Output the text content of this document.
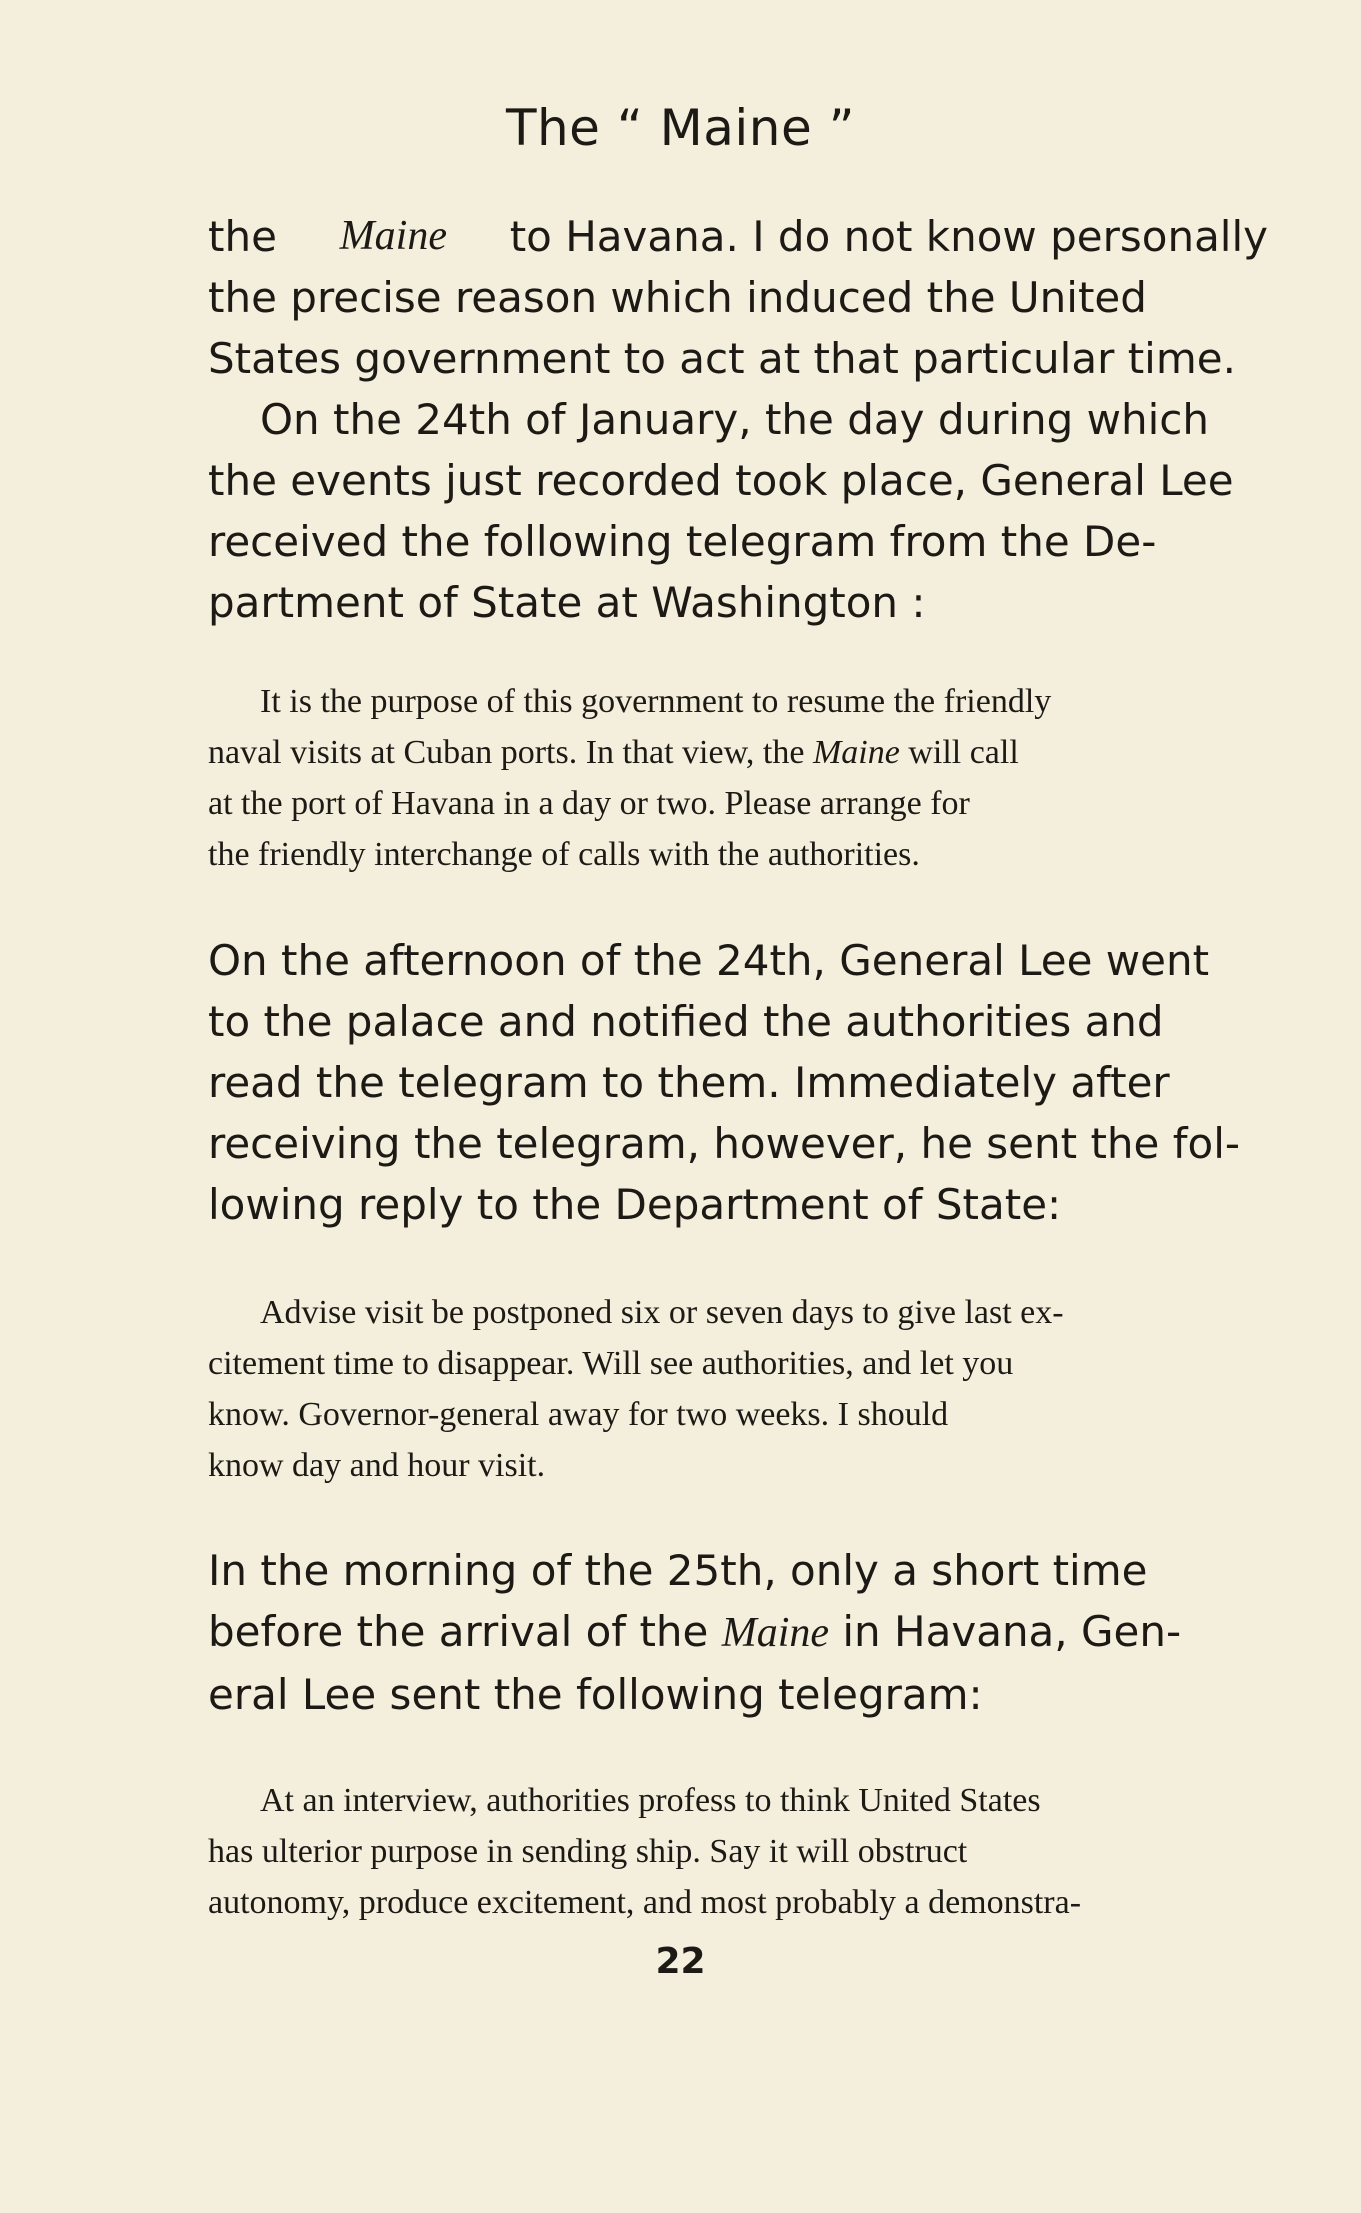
The “ Maine ”

the Maine to Havana. I do not know personally
the precise reason which induced the United
States government to act at that particular time.

On the 24th of January, the day during which
the events just recorded took place, General Lee
received the following telegram from the De-
partment of State at Washington :

It is the purpose of this government to resume the friendly
naval visits at Cuban ports. In that view, the Maine will call
at the port of Havana in a day or two. Please arrange for
the friendly interchange of calls with the authorities.

On the afternoon of the 24th, General Lee went
to the palace and notified the authorities and
read the telegram to them. Immediately after
receiving the telegram, however, he sent the fol-
lowing reply to the Department of State:

Advise visit be postponed six or seven days to give last ex-
citement time to disappear. Will see authorities, and let you
know. Governor-general away for two weeks. I should
know day and hour visit.

In the morning of the 25th, only a short time
before the arrival of the Maine in Havana, Gen-
eral Lee sent the following telegram:

At an interview, authorities profess to think United States
has ulterior purpose in sending ship. Say it will obstruct
autonomy, produce excitement, and most probably a demonstra-

22
